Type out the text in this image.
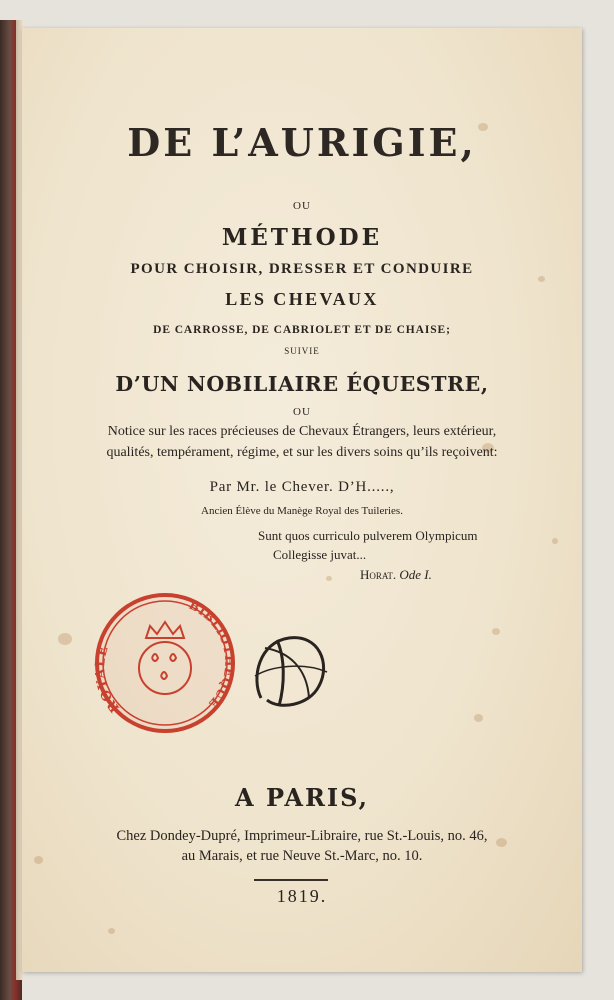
DE L’AURIGIE,
OU
MÉTHODE
POUR CHOISIR, DRESSER ET CONDUIRE
LES CHEVAUX
DE CARROSSE, DE CABRIOLET ET DE CHAISE;
SUIVIE
D’UN NOBILIAIRE ÉQUESTRE,
OU
Notice sur les races précieuses de Chevaux Étrangers, leurs extérieur,
qualités, tempérament, régime, et sur les divers soins qu’ils reçoivent:
Par Mr. le Chever. D’H.....,
Ancien Élève du Manège Royal des Tuileries.
Sunt quos curriculo pulverem Olympicum
Collegisse juvat...
Horat. Ode I.
ROYALE
BIBLIOTHEQUE
A PARIS,
Chez Dondey-Dupré, Imprimeur-Libraire, rue St.-Louis, no. 46,
au Marais, et rue Neuve St.-Marc, no. 10.
1819.
